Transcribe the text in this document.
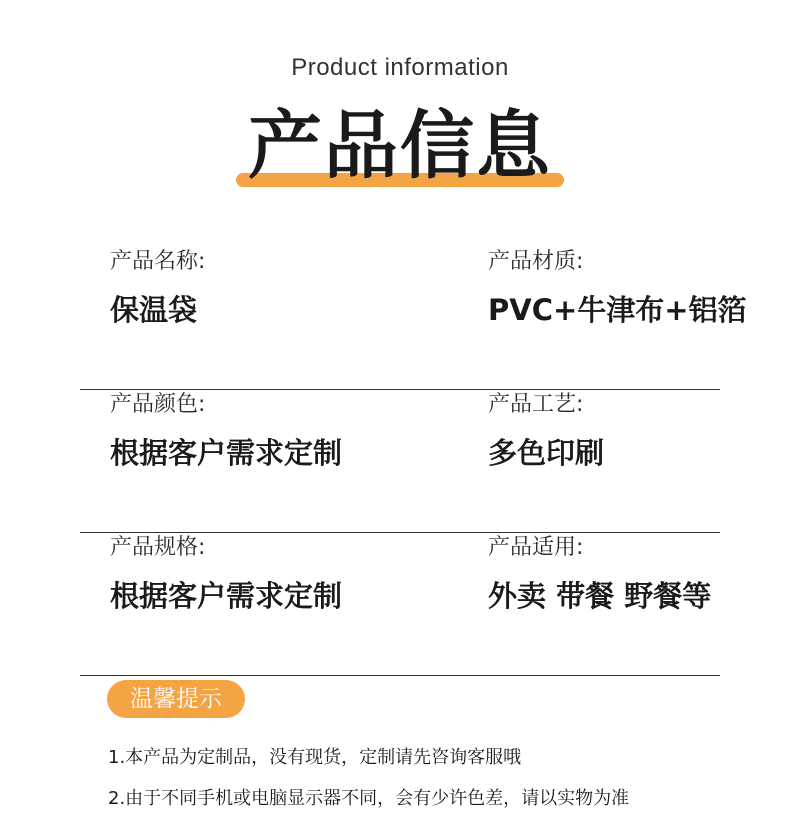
Product information
产品信息
产品名称:
保温袋
产品材质:
PVC+牛津布+铝箔
产品颜色:
根据客户需求定制
产品工艺:
多色印刷
产品规格:
根据客户需求定制
产品适用:
外卖 带餐 野餐等
温馨提示
1.本产品为定制品，没有现货，定制请先咨询客服哦
2.由于不同手机或电脑显示器不同，会有少许色差，请以实物为准
